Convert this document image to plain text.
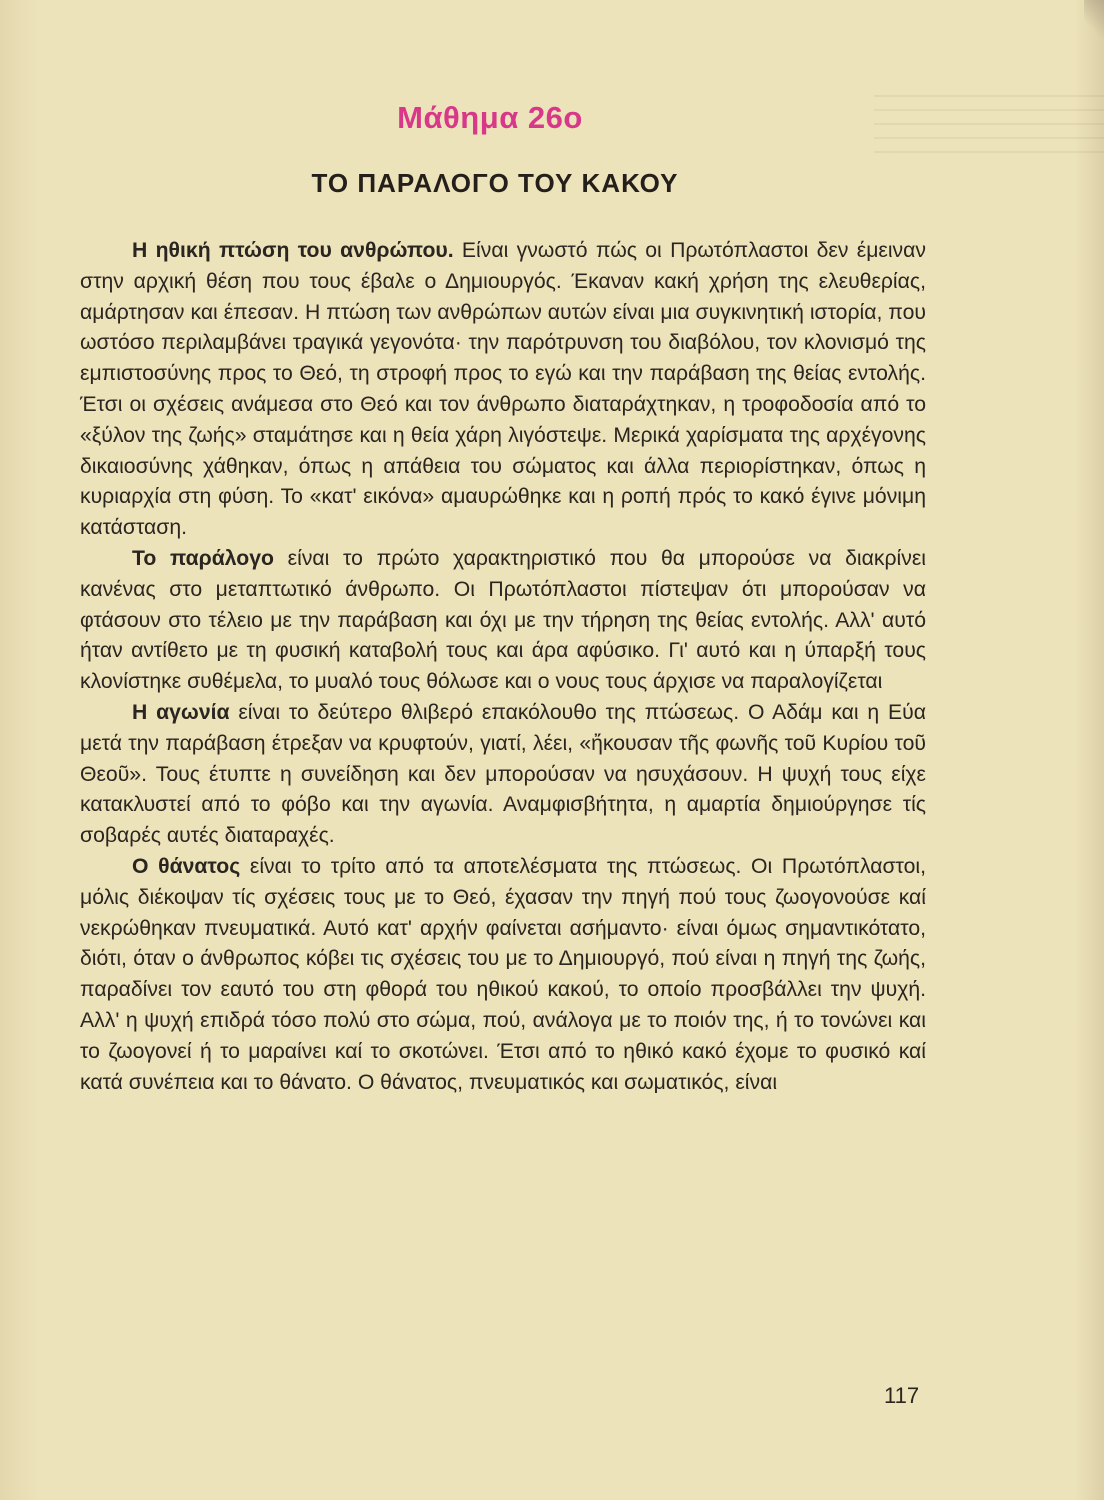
Μάθημα 26ο
ΤΟ ΠΑΡΑΛΟΓΟ ΤΟΥ ΚΑΚΟΥ

Η ηθική πτώση του ανθρώπου. Είναι γνωστό πώς οι Πρωτόπλαστοι δεν έμειναν στην αρχική θέση που τους έβαλε ο Δημιουργός. Έκαναν κακή χρήση της ελευθερίας, αμάρτησαν και έπεσαν. Η πτώση των ανθρώπων αυτών είναι μια συγκινητική ιστορία, που ωστόσο περιλαμβάνει τραγικά γεγονότα· την παρότρυνση του διαβόλου, τον κλονισμό της εμπιστοσύνης προς το Θεό, τη στροφή προς το εγώ και την παράβαση της θείας εντολής. Έτσι οι σχέσεις ανάμεσα στο Θεό και τον άνθρωπο διαταράχτηκαν, η τροφοδοσία από το «ξύλον της ζωής» σταμάτησε και η θεία χάρη λιγόστεψε. Μερικά χαρίσματα της αρχέγονης δικαιοσύνης χάθηκαν, όπως η απάθεια του σώματος και άλλα περιορίστηκαν, όπως η κυριαρχία στη φύση. Το «κατ' εικόνα» αμαυρώθηκε και η ροπή πρός το κακό έγινε μόνιμη κατάσταση.

Το παράλογο είναι το πρώτο χαρακτηριστικό που θα μπορούσε να διακρίνει κανένας στο μεταπτωτικό άνθρωπο. Οι Πρωτόπλαστοι πίστεψαν ότι μπορούσαν να φτάσουν στο τέλειο με την παράβαση και όχι με την τήρηση της θείας εντολής. Αλλ' αυτό ήταν αντίθετο με τη φυσική καταβολή τους και άρα αφύσικο. Γι' αυτό και η ύπαρξή τους κλονίστηκε συθέμελα, το μυαλό τους θόλωσε και ο νους τους άρχισε να παραλογίζεται

Η αγωνία είναι το δεύτερο θλιβερό επακόλουθο της πτώσεως. Ο Αδάμ και η Εύα μετά την παράβαση έτρεξαν να κρυφτούν, γιατί, λέει, «ἤκουσαν τῆς φωνῆς τοῦ Κυρίου τοῦ Θεοῦ». Τους έτυπτε η συνείδηση και δεν μπορούσαν να ησυχάσουν. Η ψυχή τους είχε κατακλυστεί από το φόβο και την αγωνία. Αναμφισβήτητα, η αμαρτία δημιούργησε τίς σοβαρές αυτές διαταραχές.

Ο θάνατος είναι το τρίτο από τα αποτελέσματα της πτώσεως. Οι Πρωτόπλαστοι, μόλις διέκοψαν τίς σχέσεις τους με το Θεό, έχασαν την πηγή πού τους ζωογονούσε καί νεκρώθηκαν πνευματικά. Αυτό κατ' αρχήν φαίνεται ασήμαντο· είναι όμως σημαντικότατο, διότι, όταν ο άνθρωπος κόβει τις σχέσεις του με το Δημιουργό, πού είναι η πηγή της ζωής, παραδίνει τον εαυτό του στη φθορά του ηθικού κακού, το οποίο προσβάλλει την ψυχή. Αλλ' η ψυχή επιδρά τόσο πολύ στο σώμα, πού, ανάλογα με το ποιόν της, ή το τονώνει και το ζωογονεί ή το μαραίνει καί το σκοτώνει. Έτσι από το ηθικό κακό έχομε το φυσικό καί κατά συνέπεια και το θάνατο. Ο θάνατος, πνευματικός και σωματικός, είναι

117
